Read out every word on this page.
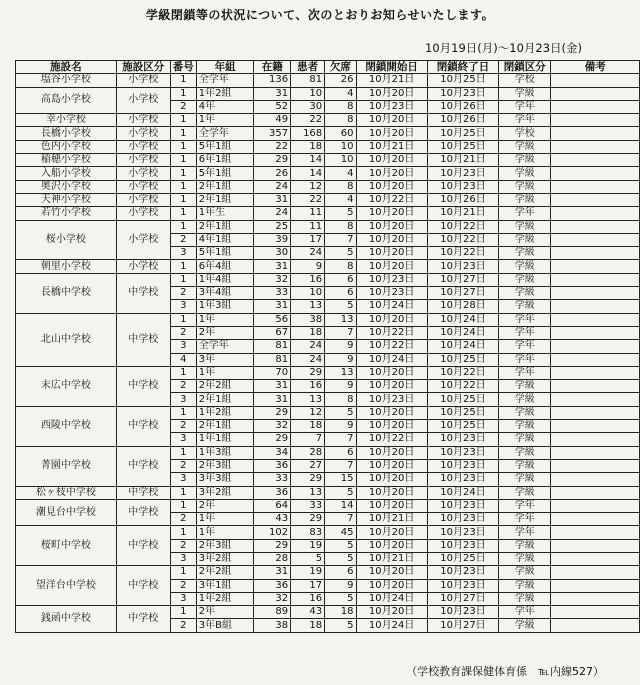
学級閉鎖等の状況について、次のとおりお知らせいたします。
10月19日(月)～10月23日(金)
施設名	施設区分	番号	年組	在籍	患者	欠席	閉鎖開始日	閉鎖終了日	閉鎖区分	備考
塩谷小学校	小学校	1	全学年	136	81	26	10月21日	10月25日	学校	
高島小学校	小学校	1	1年2組	31	10	4	10月20日	10月23日	学級	
		2	4年	52	30	8	10月23日	10月26日	学年	
幸小学校	小学校	1	1年	49	22	8	10月20日	10月26日	学年	
長橋小学校	小学校	1	全学年	357	168	60	10月20日	10月25日	学校	
色内小学校	小学校	1	5年1組	22	18	10	10月21日	10月25日	学級	
稲穂小学校	小学校	1	6年1組	29	14	10	10月20日	10月21日	学級	
入船小学校	小学校	1	5年1組	26	14	4	10月20日	10月23日	学級	
奥沢小学校	小学校	1	2年1組	24	12	8	10月20日	10月23日	学級	
天神小学校	小学校	1	2年1組	31	22	4	10月22日	10月26日	学級	
若竹小学校	小学校	1	1年生	24	11	5	10月20日	10月21日	学年	
桜小学校	小学校	1	2年1組	25	11	8	10月20日	10月22日	学級	
		2	4年1組	39	17	7	10月20日	10月22日	学級	
		3	5年1組	30	24	5	10月20日	10月22日	学級	
朝里小学校	小学校	1	6年4組	31	9	8	10月20日	10月23日	学級	
長橋中学校	中学校	1	1年4組	32	16	6	10月23日	10月27日	学級	
		2	3年4組	33	10	6	10月23日	10月27日	学級	
		3	1年3組	31	13	5	10月24日	10月28日	学級	
北山中学校	中学校	1	1年	56	38	13	10月20日	10月24日	学年	
		2	2年	67	18	7	10月22日	10月24日	学年	
		3	全学年	81	24	9	10月22日	10月24日	学年	
		4	3年	81	24	9	10月24日	10月25日	学年	
末広中学校	中学校	1	1年	70	29	13	10月20日	10月22日	学年	
		2	2年2組	31	16	9	10月20日	10月22日	学級	
		3	2年1組	31	13	8	10月23日	10月25日	学級	
西陵中学校	中学校	1	1年2組	29	12	5	10月20日	10月25日	学級	
		2	2年1組	32	18	9	10月20日	10月25日	学級	
		3	1年1組	29	7	7	10月22日	10月23日	学級	
菁園中学校	中学校	1	1年3組	34	28	6	10月20日	10月23日	学級	
		2	2年3組	36	27	7	10月20日	10月23日	学級	
		3	3年3組	33	29	15	10月20日	10月23日	学級	
松ヶ枝中学校	中学校	1	3年2組	36	13	5	10月20日	10月24日	学級	
潮見台中学校	中学校	1	2年	64	33	14	10月20日	10月23日	学年	
		2	1年	43	29	7	10月21日	10月23日	学年	
桜町中学校	中学校	1	1年	102	83	45	10月20日	10月23日	学年	
		2	2年3組	29	19	5	10月20日	10月23日	学級	
		3	3年2組	28	5	5	10月21日	10月25日	学級	
望洋台中学校	中学校	1	2年2組	31	19	6	10月20日	10月23日	学級	
		2	3年1組	36	17	9	10月20日	10月23日	学級	
		3	1年2組	32	16	5	10月24日	10月27日	学級	
銭函中学校	中学校	1	2年	89	43	18	10月20日	10月23日	学年	
		2	3年B組	38	18	5	10月24日	10月27日	学級	
（学校教育課保健体育係　℡内線527）
